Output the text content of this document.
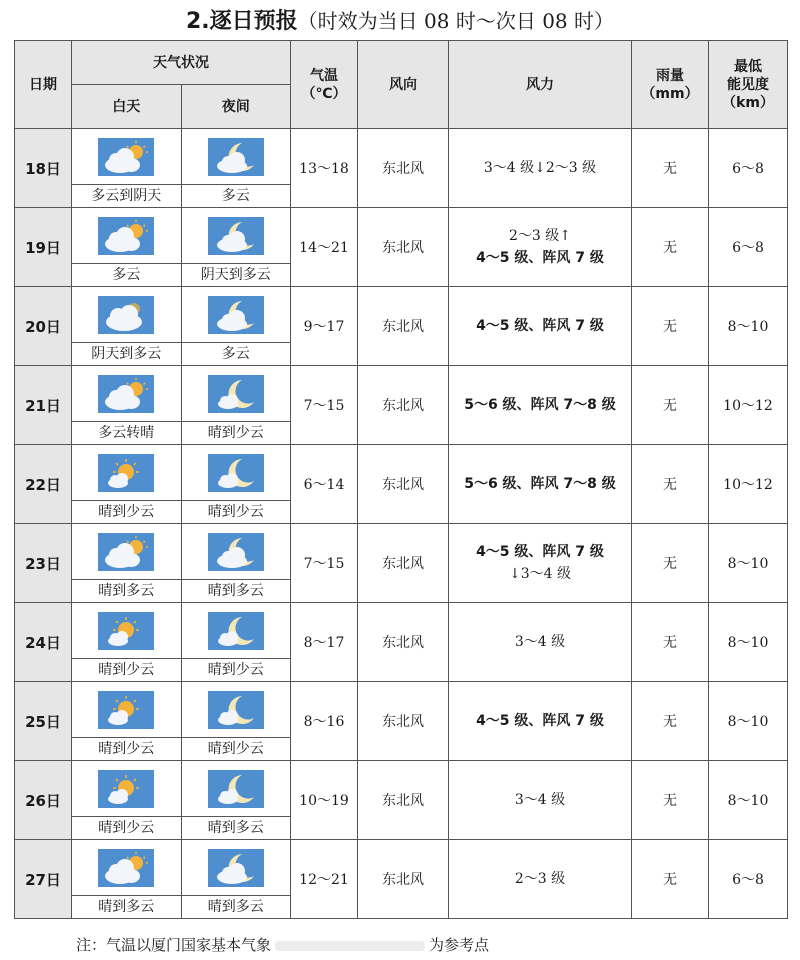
2.逐日预报（时效为当日 08 时～次日 08 时）
日期	天气状况		气温
（℃）	风向	风力	雨量
（mm）	最低
能见度
（km）
	白天	夜间					
18日	多云到阴天	多云	13～18	东北风	3～4 级↓2～3 级	无	6～8
19日	多云	阴天到多云	14～21	东北风	2～3 级↑
4～5 级、阵风 7 级	无	6～8
20日	阴天到多云	多云	9～17	东北风	4～5 级、阵风 7 级	无	8～10
21日	多云转晴	晴到少云	7～15	东北风	5～6 级、阵风 7～8 级	无	10～12
22日	晴到少云	晴到少云	6～14	东北风	5～6 级、阵风 7～8 级	无	10～12
23日	晴到多云	晴到多云	7～15	东北风	4～5 级、阵风 7 级
↓3～4 级	无	8～10
24日	晴到少云	晴到少云	8～17	东北风	3～4 级	无	8～10
25日	晴到少云	晴到少云	8～16	东北风	4～5 级、阵风 7 级	无	8～10
26日	晴到少云	晴到多云	10～19	东北风	3～4 级	无	8～10
27日	晴到多云	晴到多云	12～21	东北风	2～3 级	无	6～8
注：气温以厦门国家基本气象	为参考点
